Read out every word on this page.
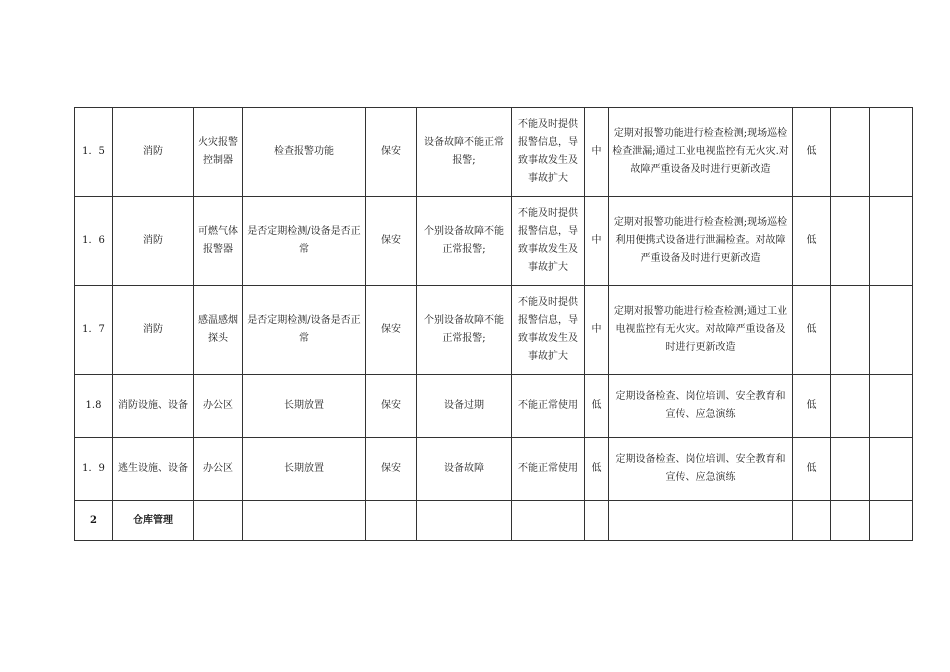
1．5	消防	火灾报警控制器	检查报警功能	保安	设备故障不能正常报警;	不能及时提供报警信息，导致事故发生及事故扩大	中	定期对报警功能进行检查检测;现场巡检检查泄漏;通过工业电视监控有无火灾.对故障严重设备及时进行更新改造	低		
1．6	消防	可燃气体报警器	是否定期检测/设备是否正常	保安	个别设备故障不能正常报警;	不能及时提供报警信息，导致事故发生及事故扩大	中	定期对报警功能进行检查检测;现场巡检利用便携式设备进行泄漏检查。对故障严重设备及时进行更新改造	低		
1．7	消防	感温感烟探头	是否定期检测/设备是否正常	保安	个别设备故障不能正常报警;	不能及时提供报警信息，导致事故发生及事故扩大	中	定期对报警功能进行检查检测;通过工业电视监控有无火灾。对故障严重设备及时进行更新改造	低		
1.8	消防设施、设备	办公区	长期放置	保安	设备过期	不能正常使用	低	定期设备检查、岗位培训、安全教育和宣传、应急演练	低		
1．9	逃生设施、设备	办公区	长期放置	保安	设备故障	不能正常使用	低	定期设备检查、岗位培训、安全教育和宣传、应急演练	低		
2	仓库管理										
